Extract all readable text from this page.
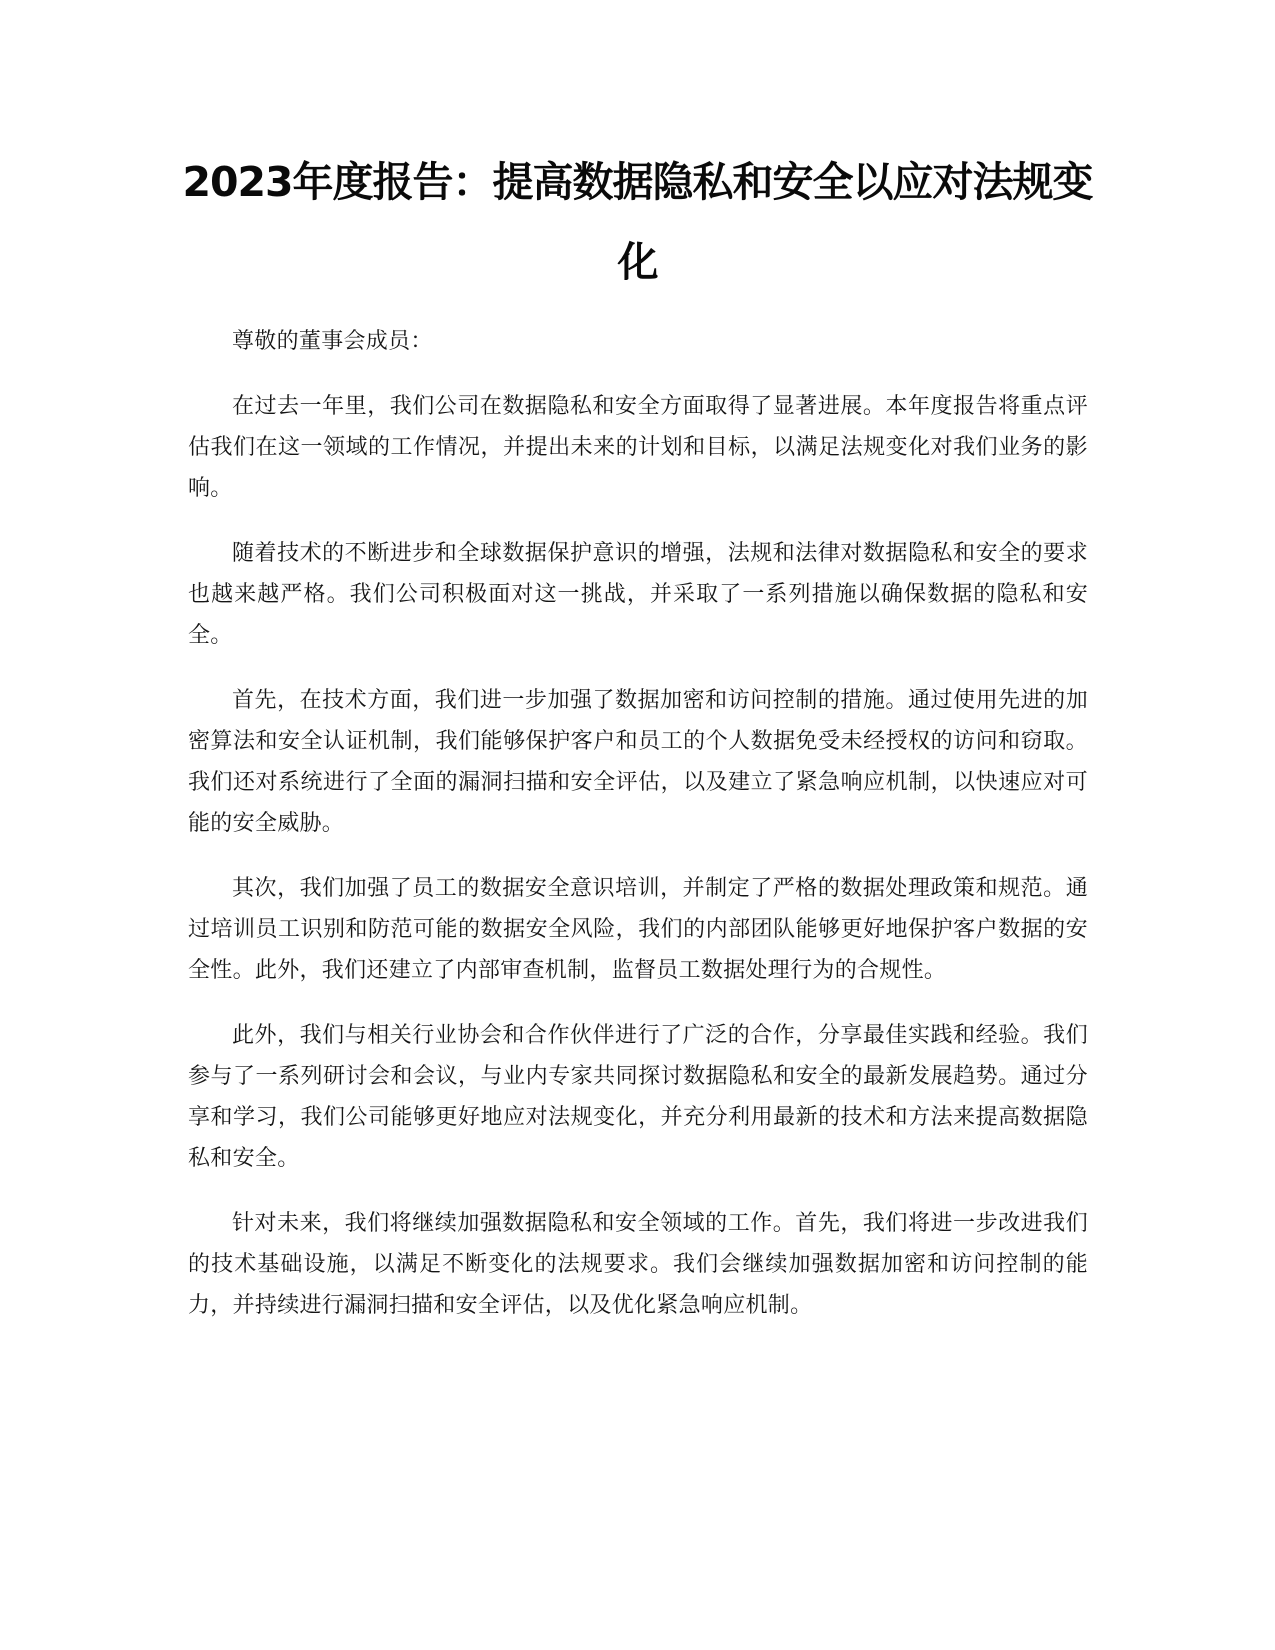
2023年度报告：提高数据隐私和安全以应对法规变化

尊敬的董事会成员：

在过去一年里，我们公司在数据隐私和安全方面取得了显著进展。本年度报告将重点评估我们在这一领域的工作情况，并提出未来的计划和目标，以满足法规变化对我们业务的影响。

随着技术的不断进步和全球数据保护意识的增强，法规和法律对数据隐私和安全的要求也越来越严格。我们公司积极面对这一挑战，并采取了一系列措施以确保数据的隐私和安全。

首先，在技术方面，我们进一步加强了数据加密和访问控制的措施。通过使用先进的加密算法和安全认证机制，我们能够保护客户和员工的个人数据免受未经授权的访问和窃取。我们还对系统进行了全面的漏洞扫描和安全评估，以及建立了紧急响应机制，以快速应对可能的安全威胁。

其次，我们加强了员工的数据安全意识培训，并制定了严格的数据处理政策和规范。通过培训员工识别和防范可能的数据安全风险，我们的内部团队能够更好地保护客户数据的安全性。此外，我们还建立了内部审查机制，监督员工数据处理行为的合规性。

此外，我们与相关行业协会和合作伙伴进行了广泛的合作，分享最佳实践和经验。我们参与了一系列研讨会和会议，与业内专家共同探讨数据隐私和安全的最新发展趋势。通过分享和学习，我们公司能够更好地应对法规变化，并充分利用最新的技术和方法来提高数据隐私和安全。

针对未来，我们将继续加强数据隐私和安全领域的工作。首先，我们将进一步改进我们的技术基础设施，以满足不断变化的法规要求。我们会继续加强数据加密和访问控制的能力，并持续进行漏洞扫描和安全评估，以及优化紧急响应机制。
